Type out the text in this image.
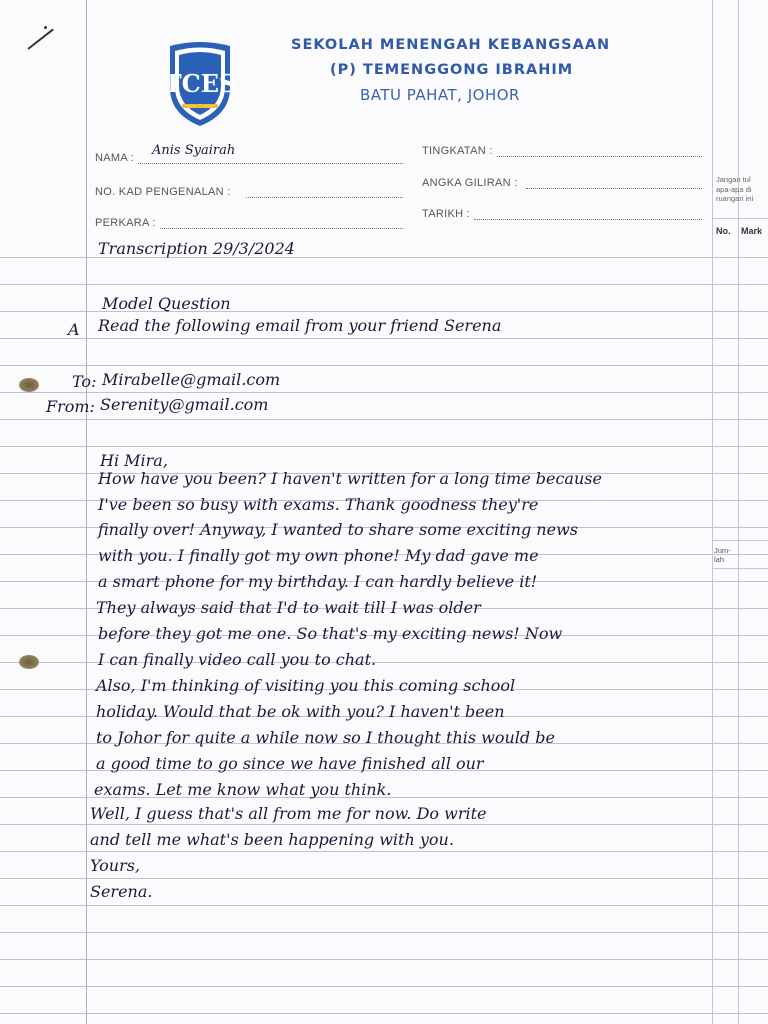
TCES
SEKOLAH MENENGAH KEBANGSAAN
(P) TEMENGGONG IBRAHIM
BATU PAHAT, JOHOR
NAMA : Anis Syairah
NO. KAD PENGENALAN :
PERKARA :
TINGKATAN :
ANGKA GILIRAN :
TARIKH :
Jangan tul
apa-apa di
ruangan ini
No. Mark
Jum-
lah
Transcription 29/3/2024
Model Question
A Read the following email from your friend Serena
To: Mirabelle@gmail.com
From: Serenity@gmail.com
Hi Mira,
How have you been? I haven't written for a long time because
I've been so busy with exams. Thank goodness they're
finally over! Anyway, I wanted to share some exciting news
with you. I finally got my own phone! My dad gave me
a smart phone for my birthday. I can hardly believe it!
They always said that I'd to wait till I was older
before they got me one. So that's my exciting news! Now
I can finally video call you to chat.
Also, I'm thinking of visiting you this coming school
holiday. Would that be ok with you? I haven't been
to Johor for quite a while now so I thought this would be
a good time to go since we have finished all our
exams. Let me know what you think.
Well, I guess that's all from me for now. Do write
and tell me what's been happening with you.
Yours,
Serena.
